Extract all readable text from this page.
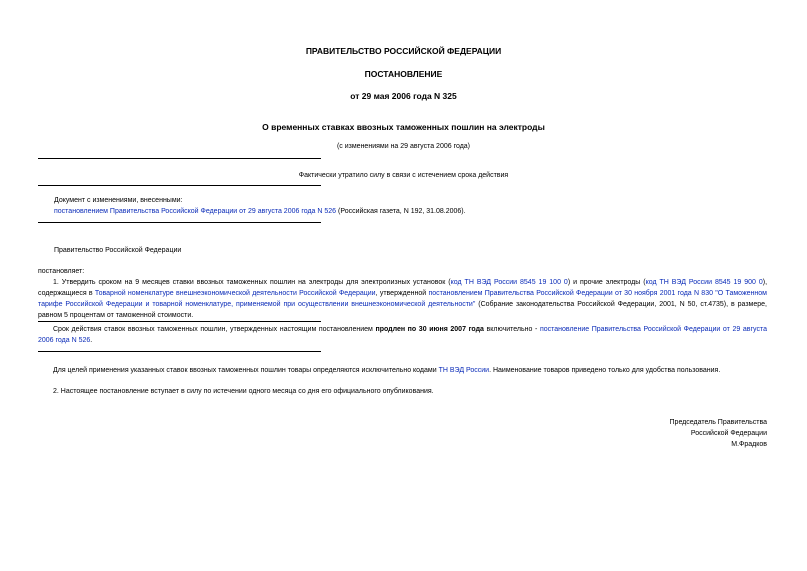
ПРАВИТЕЛЬСТВО РОССИЙСКОЙ ФЕДЕРАЦИИ
ПОСТАНОВЛЕНИЕ
от 29 мая 2006 года N 325
О временных ставках ввозных таможенных пошлин на электроды
(с изменениями на 29 августа 2006 года)
Фактически утратило силу в связи с истечением срока действия
Документ с изменениями, внесенными:
постановлением Правительства Российской Федерации от 29 августа 2006 года N 526 (Российская газета, N 192, 31.08.2006).
Правительство Российской Федерации
постановляет:
1. Утвердить сроком на 9 месяцев ставки ввозных таможенных пошлин на электроды для электролизных установок (код ТН ВЭД России 8545 19 100 0) и прочие электроды (код ТН ВЭД России 8545 19 900 0), содержащиеся в Товарной номенклатуре внешнеэкономической деятельности Российской Федерации, утвержденной постановлением Правительства Российской Федерации от 30 ноября 2001 года N 830 "О Таможенном тарифе Российской Федерации и товарной номенклатуре, применяемой при осуществлении внешнеэкономической деятельности" (Собрание законодательства Российской Федерации, 2001, N 50, ст.4735), в размере, равном 5 процентам от таможенной стоимости.
Срок действия ставок ввозных таможенных пошлин, утвержденных настоящим постановлением продлен по 30 июня 2007 года включительно - постановление Правительства Российской Федерации от 29 августа 2006 года N 526.
Для целей применения указанных ставок ввозных таможенных пошлин товары определяются исключительно кодами ТН ВЭД России. Наименование товаров приведено только для удобства пользования.
2. Настоящее постановление вступает в силу по истечении одного месяца со дня его официального опубликования.
Председатель Правительства
Российской Федерации
М.Фрадков
